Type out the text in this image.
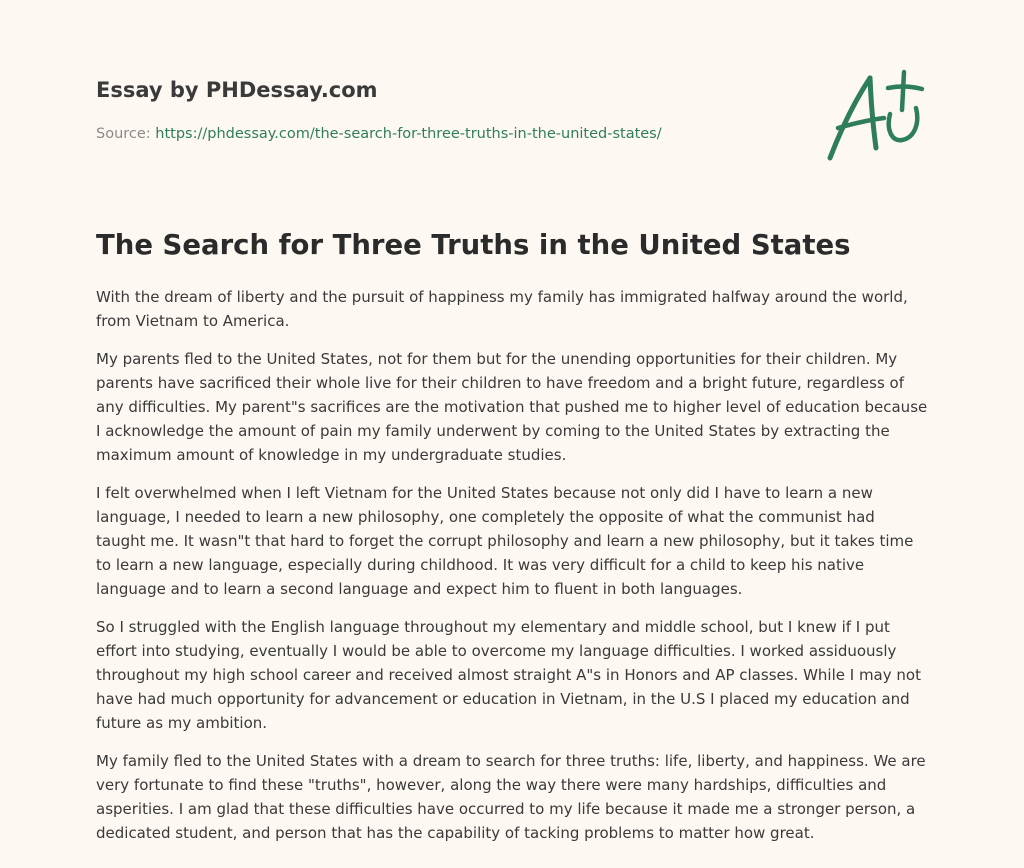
Essay by PHDessay.com
Source: https://phdessay.com/the-search-for-three-truths-in-the-united-states/
The Search for Three Truths in the United States

With the dream of liberty and the pursuit of happiness my family has immigrated halfway around the world, from Vietnam to America.

My parents fled to the United States, not for them but for the unending opportunities for their children. My parents have sacrificed their whole live for their children to have freedom and a bright future, regardless of any difficulties. My parent"s sacrifices are the motivation that pushed me to higher level of education because I acknowledge the amount of pain my family underwent by coming to the United States by extracting the maximum amount of knowledge in my undergraduate studies.

I felt overwhelmed when I left Vietnam for the United States because not only did I have to learn a new language, I needed to learn a new philosophy, one completely the opposite of what the communist had taught me. It wasn"t that hard to forget the corrupt philosophy and learn a new philosophy, but it takes time to learn a new language, especially during childhood. It was very difficult for a child to keep his native language and to learn a second language and expect him to fluent in both languages.

So I struggled with the English language throughout my elementary and middle school, but I knew if I put effort into studying, eventually I would be able to overcome my language difficulties. I worked assiduously throughout my high school career and received almost straight A"s in Honors and AP classes. While I may not have had much opportunity for advancement or education in Vietnam, in the U.S I placed my education and future as my ambition.

My family fled to the United States with a dream to search for three truths: life, liberty, and happiness. We are very fortunate to find these "truths", however, along the way there were many hardships, difficulties and asperities. I am glad that these difficulties have occurred to my life because it made me a stronger person, a dedicated student, and person that has the capability of tacking problems to matter how great.
